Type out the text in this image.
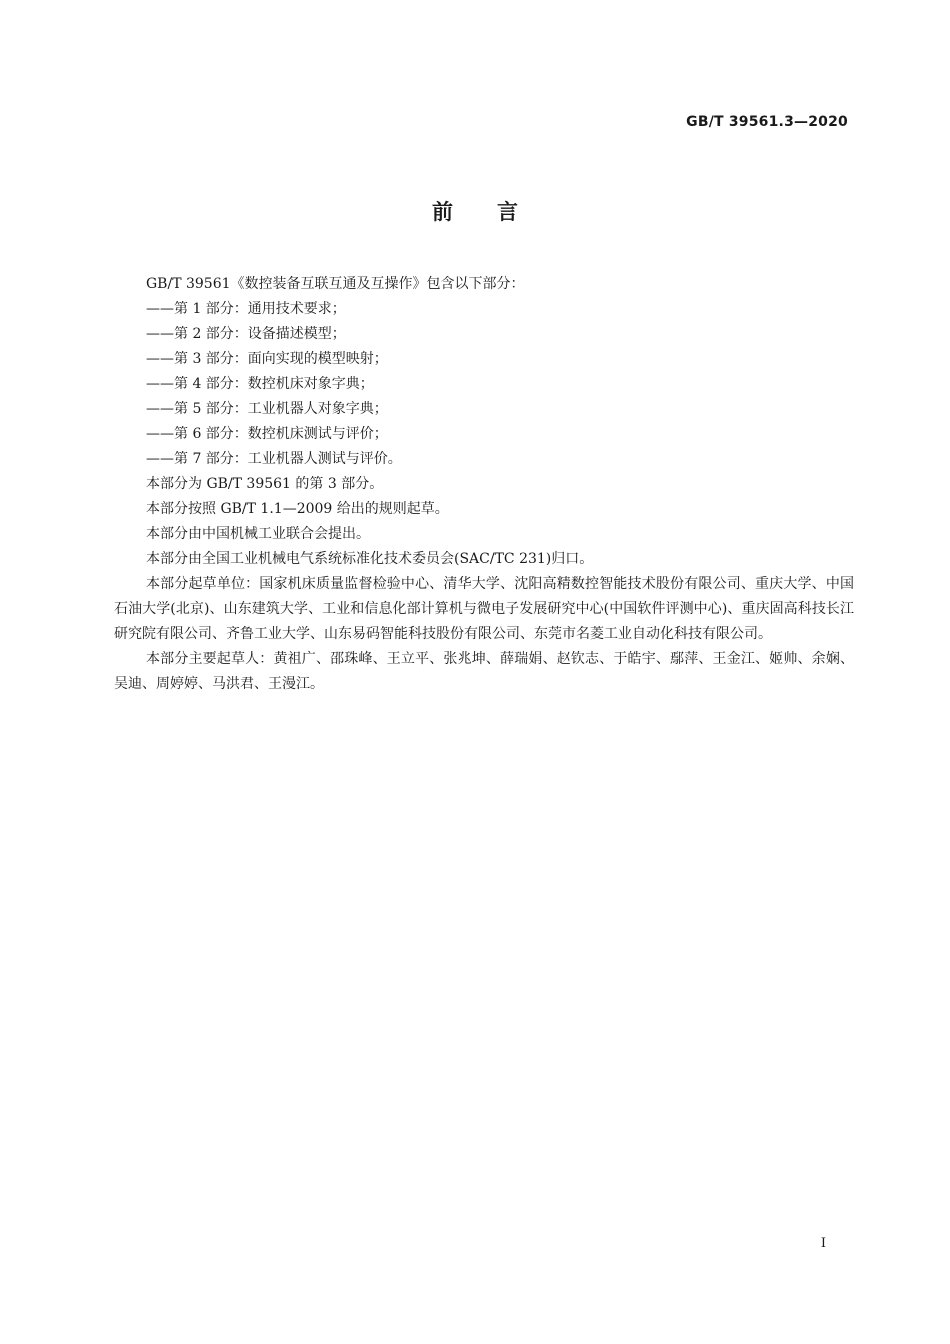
GB/T 39561.3—2020
前言

GB/T 39561《数控装备互联互通及互操作》包含以下部分：

——第 1 部分：通用技术要求；

——第 2 部分：设备描述模型；

——第 3 部分：面向实现的模型映射；

——第 4 部分：数控机床对象字典；

——第 5 部分：工业机器人对象字典；

——第 6 部分：数控机床测试与评价；

——第 7 部分：工业机器人测试与评价。

本部分为 GB/T 39561 的第 3 部分。

本部分按照 GB/T 1.1—2009 给出的规则起草。

本部分由中国机械工业联合会提出。

本部分由全国工业机械电气系统标准化技术委员会(SAC/TC 231)归口。

本部分起草单位：国家机床质量监督检验中心、清华大学、沈阳高精数控智能技术股份有限公司、重庆大学、中国石油大学(北京)、山东建筑大学、工业和信息化部计算机与微电子发展研究中心(中国软件评测中心)、重庆固高科技长江研究院有限公司、齐鲁工业大学、山东易码智能科技股份有限公司、东莞市名菱工业自动化科技有限公司。

本部分主要起草人：黄祖广、邵珠峰、王立平、张兆坤、薛瑞娟、赵钦志、于皓宇、鄢萍、王金江、姬帅、余娴、吴迪、周婷婷、马洪君、王漫江。

I
